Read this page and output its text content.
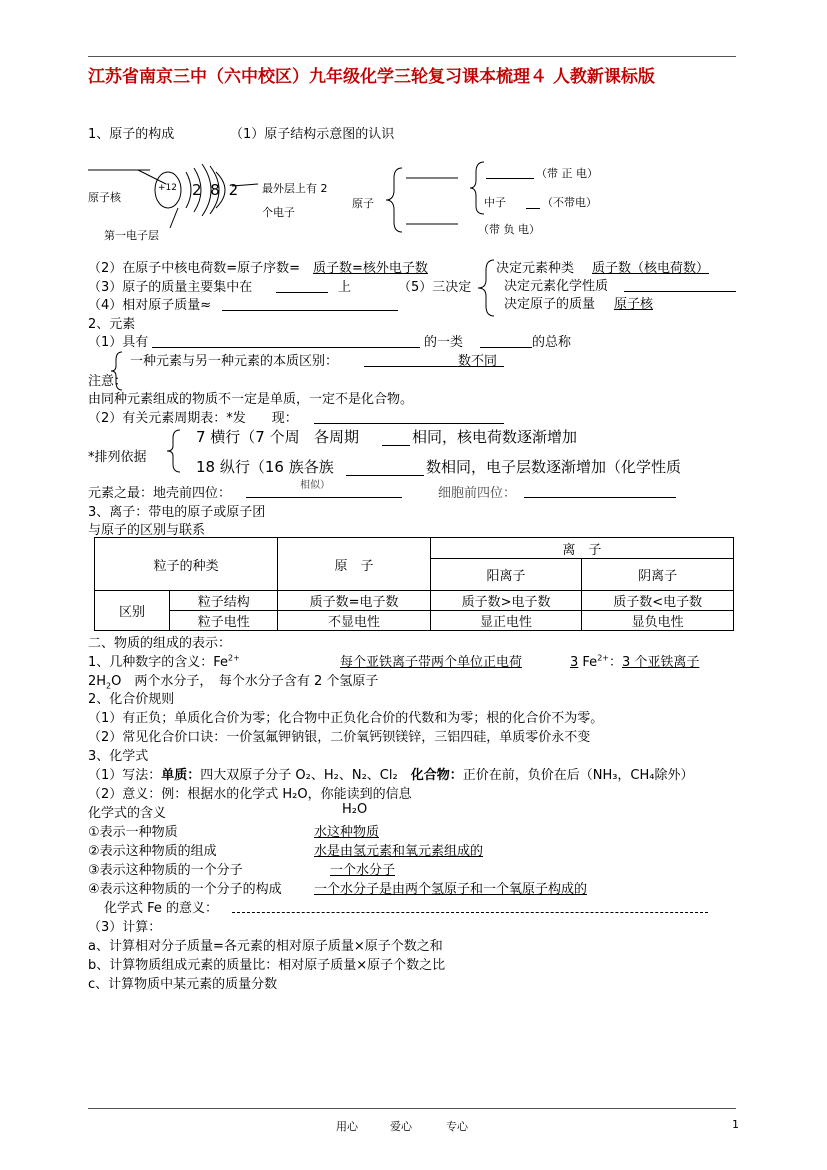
江苏省南京三中（六中校区）九年级化学三轮复习课本梳理４ 人教新课标版
1、原子的构成	（1）原子结构示意图的认识
+12 2 8 2
原子核
最外层上有 2
个电子
第一电子层
原子
（带 正 电）
中子	（不带电）
（带 负 电）
（2）在原子中核电荷数=原子序数= 质子数=核外电子数
（3）原子的质量主要集中在	上	（5）三决定
（4）相对原子质量≈
决定元素种类 质子数（核电荷数）
决定元素化学性质
决定原子的质量 原子核
2、元素
（1）具有	的一类	的总称
一种元素与另一种元素的本质区别：	数不同
注意：
由同种元素组成的物质不一定是单质，一定不是化合物。
（2）有关元素周期表：*发　　现：
*排列依据
7 横行（7 个周 各周期	相同，核电荷数逐渐增加
18 纵行（16 族各族	数相同，电子层数逐渐增加（化学性质
元素之最：地壳前四位：
相似）
细胞前四位：
3、离子：带电的原子或原子团
与原子的区别与联系
粒子的种类		原　子	离　子	
			阳离子	阴离子
区别	粒子结构	质子数=电子数	质子数>电子数	质子数<电子数
	粒子电性	不显电性	显正电性	显负电性
二、物质的组成的表示：
1、几种数字的含义：$Fe^{2+}$	每个亚铁离子带两个单位正电荷	3 $Fe^{2+}$：3 个亚铁离子
$2H_2O$　两个水分子，　每个水分子含有 2 个氢原子
2、化合价规则
（1）有正负；单质化合价为零；化合物中正负化合价的代数和为零；根的化合价不为零。
（2）常见化合价口诀：一价氢氟钾钠银，二价氧钙钡镁锌，三铝四硅，单质零价永不变
3、化学式
（1）写法：单质：四大双原子分子 O₂、H₂、N₂、Cl₂　化合物：正价在前，负价在后（NH₃，CH₄除外）
（2）意义：例：根据水的化学式 H₂O，你能读到的信息
化学式的含义	H₂O
①表示一种物质	水这种物质
②表示这种物质的组成	水是由氢元素和氧元素组成的
③表示这种物质的一个分子	一个水分子
④表示这种物质的一个分子的构成 一个水分子是由两个氢原子和一个氧原子构成的
化学式 Fe 的意义：
（3）计算：
a、计算相对分子质量=各元素的相对原子质量×原子个数之和
b、计算物质组成元素的质量比：相对原子质量×原子个数之比
c、计算物质中某元素的质量分数
用心	爱心	专心	1
